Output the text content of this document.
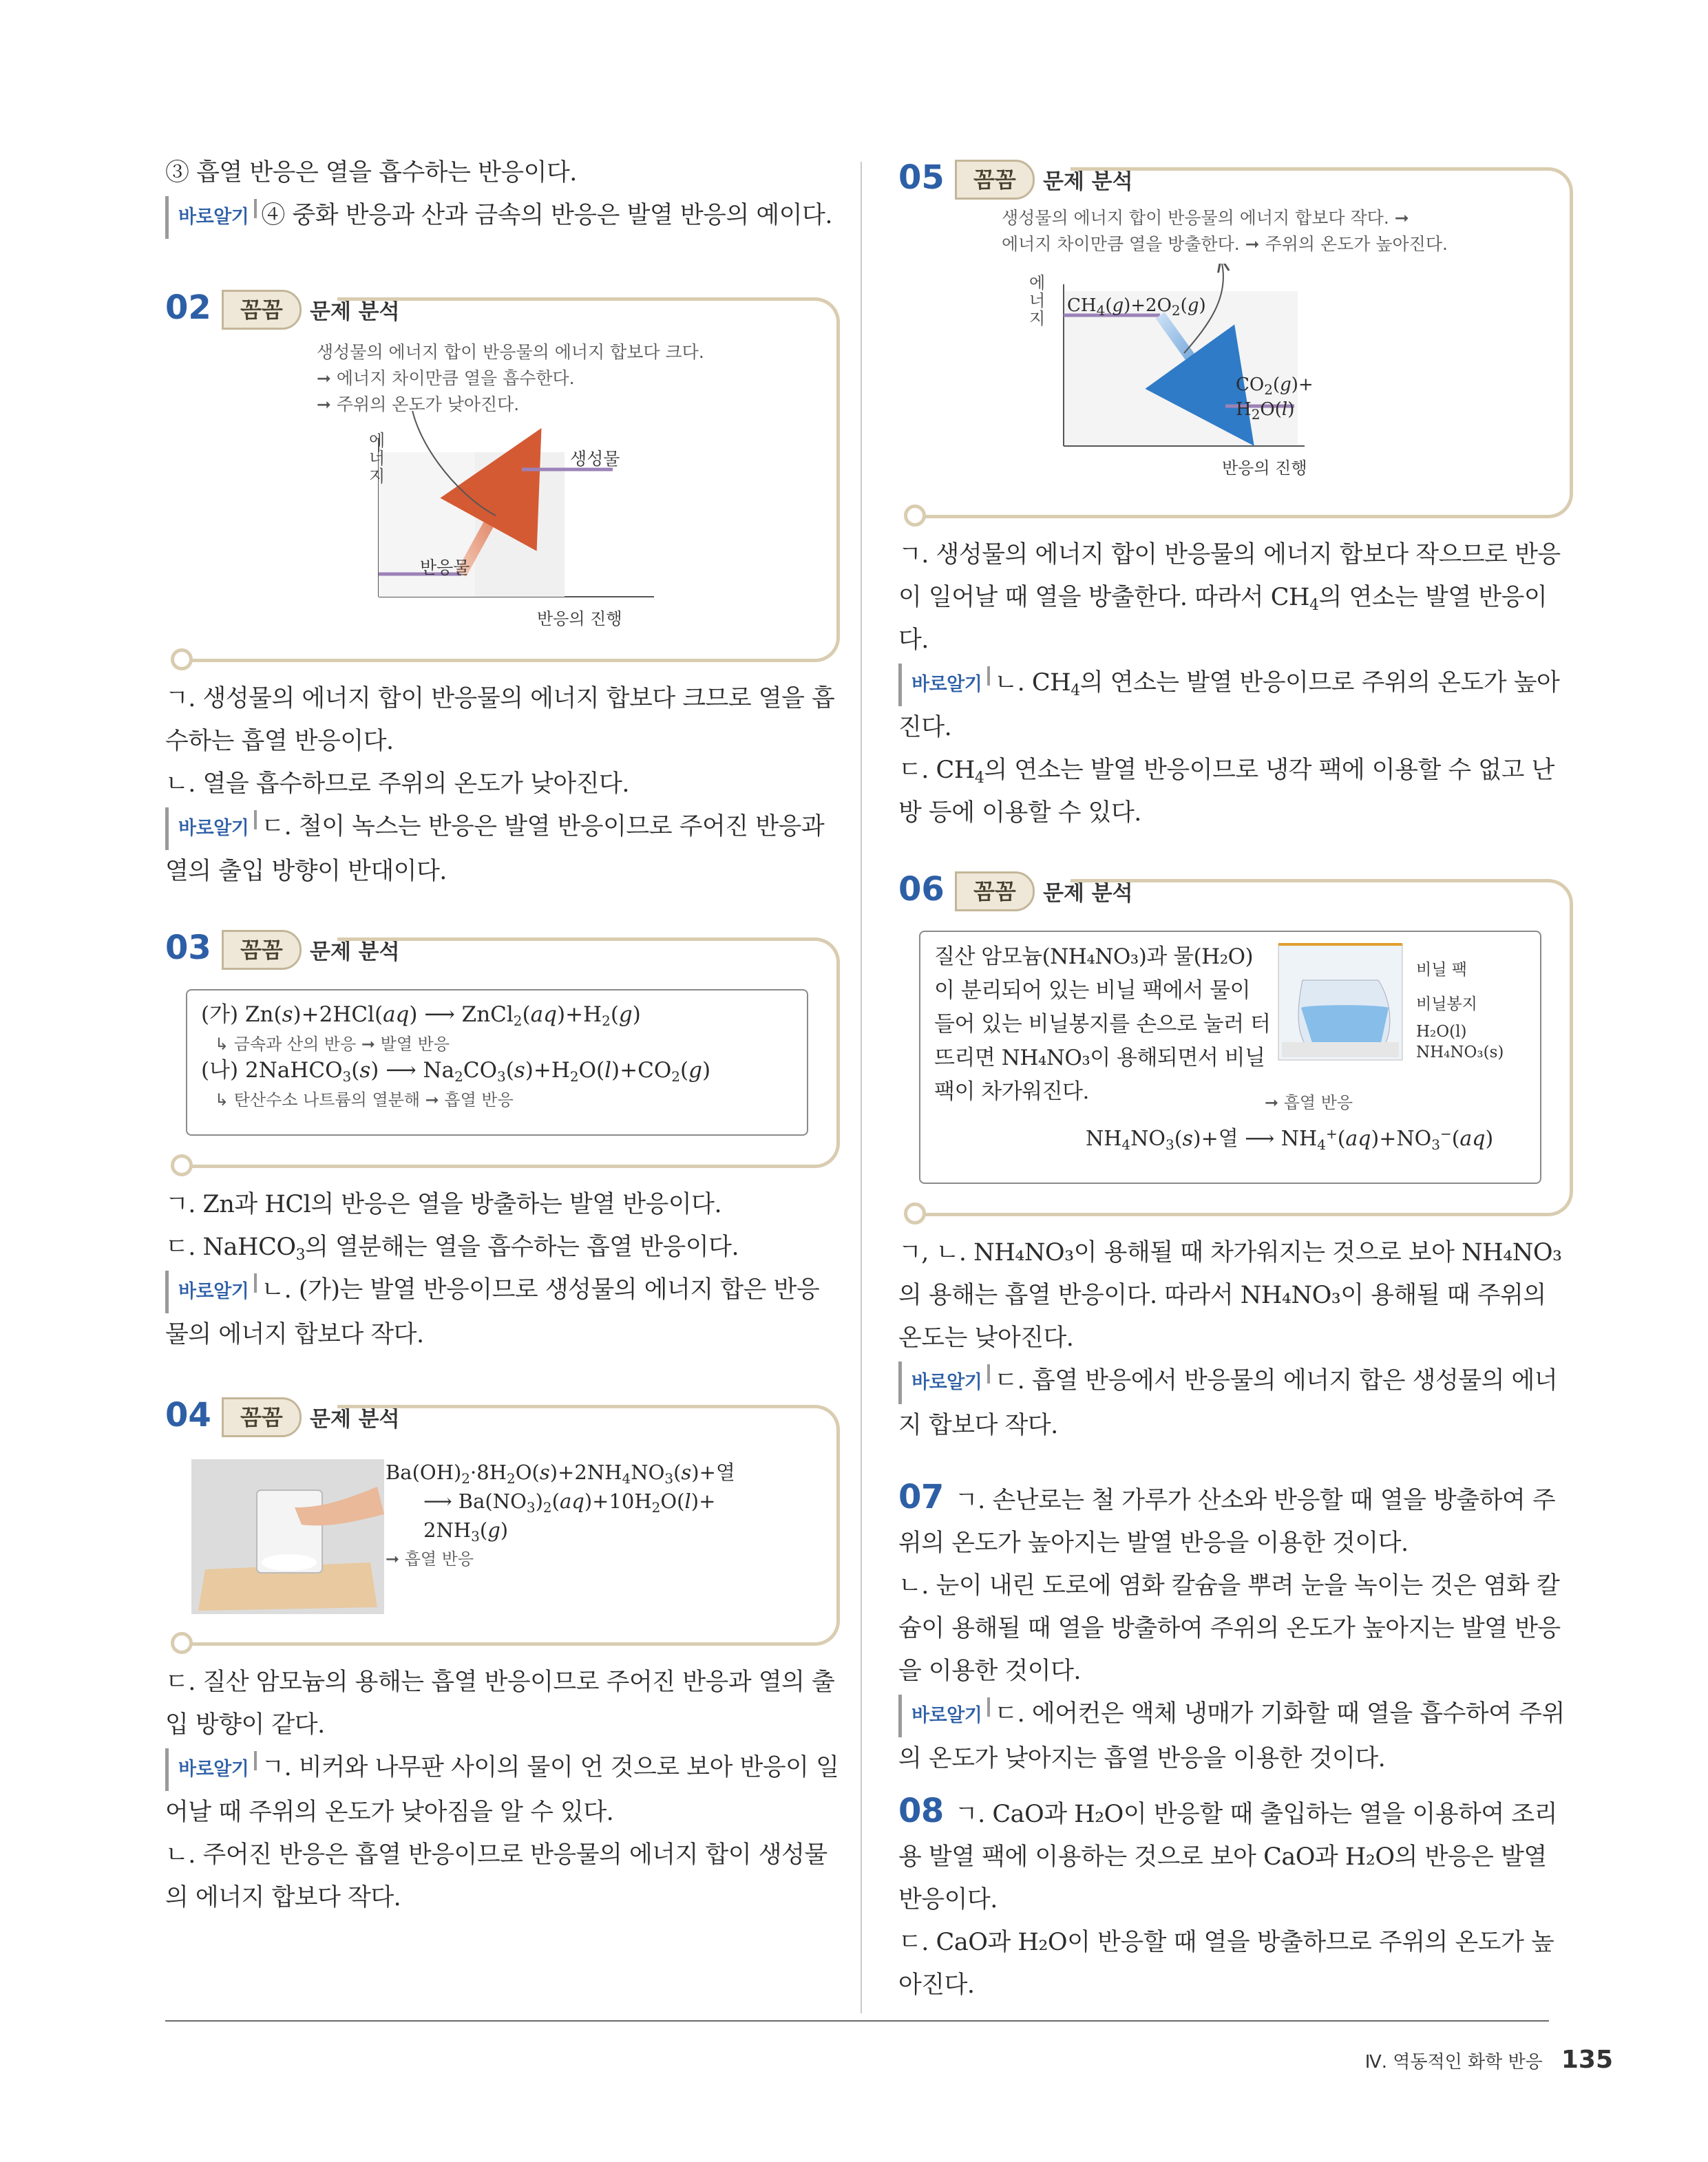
③ 흡열 반응은 열을 흡수하는 반응이다.

바로알기 ④ 중화 반응과 산과 금속의 반응은 발열 반응의 예이다.

02	꼼꼼	문제 분석
생성물의 에너지 합이 반응물의 에너지 합보다 크다.
➞ 에너지 차이만큼 열을 흡수한다.
➞ 주위의 온도가 낮아진다.
에너지
반응물
생성물
반응의 진행

ㄱ. 생성물의 에너지 합이 반응물의 에너지 합보다 크므로 열을 흡수하는 흡열 반응이다.

ㄴ. 열을 흡수하므로 주위의 온도가 낮아진다.

바로알기 ㄷ. 철이 녹스는 반응은 발열 반응이므로 주어진 반응과 열의 출입 방향이 반대이다.

03	꼼꼼	문제 분석
(가) Zn(s)+2HCl(aq) ⟶ $ZnCl_2(aq)+H_2(g)$
↳ 금속과 산의 반응 ➞ 발열 반응
(나) 2NaHCO$_3$(s) ⟶ $Na_2CO_3(s)+H_2O(l)+CO_2(g)$
↳ 탄산수소 나트륨의 열분해 ➞ 흡열 반응

ㄱ. Zn과 HCl의 반응은 열을 방출하는 발열 반응이다.

ㄷ. NaHCO$_3$의 열분해는 열을 흡수하는 흡열 반응이다.

바로알기 ㄴ. (가)는 발열 반응이므로 생성물의 에너지 합은 반응물의 에너지 합보다 작다.

04	꼼꼼	문제 분석
$Ba(OH)_2\cdot 8H_2O(s)+2NH_4NO_3(s)+$열
⟶ $Ba(NO_3)_2(aq)+10H_2O(l)+ 2NH_3(g)$
➞ 흡열 반응

ㄷ. 질산 암모늄의 용해는 흡열 반응이므로 주어진 반응과 열의 출입 방향이 같다.

바로알기 ㄱ. 비커와 나무판 사이의 물이 언 것으로 보아 반응이 일어날 때 주위의 온도가 낮아짐을 알 수 있다.

ㄴ. 주어진 반응은 흡열 반응이므로 반응물의 에너지 합이 생성물의 에너지 합보다 작다.

05	꼼꼼	문제 분석
생성물의 에너지 합이 반응물의 에너지 합보다 작다. ➞
에너지 차이만큼 열을 방출한다. ➞ 주위의 온도가 높아진다.
에너지
$CH_4(g)+2O_2(g)$
$CO_2(g)+$
$H_2O(l)$
반응의 진행

ㄱ. 생성물의 에너지 합이 반응물의 에너지 합보다 작으므로 반응이 일어날 때 열을 방출한다. 따라서 $CH_4$의 연소는 발열 반응이다.

바로알기 ㄴ. $CH_4$의 연소는 발열 반응이므로 주위의 온도가 높아진다.

ㄷ. $CH_4$의 연소는 발열 반응이므로 냉각 팩에 이용할 수 없고 난방 등에 이용할 수 있다.

06	꼼꼼	문제 분석
질산 암모늄(NH₄NO₃)과 물(H₂O)이 분리되어 있는 비닐 팩에서 물이 들어 있는 비닐봉지를 손으로 눌러 터뜨리면 NH₄NO₃이 용해되면서 비닐 팩이 차가워진다.	➞ 흡열 반응
비닐 팩
비닐봉지
H₂O(l)
NH₄NO₃(s)
$NH_4NO_3(s)+$열 ⟶ $NH_4^+(aq)+NO_3^-(aq)$

ㄱ, ㄴ. NH₄NO₃이 용해될 때 차가워지는 것으로 보아 NH₄NO₃의 용해는 흡열 반응이다. 따라서 NH₄NO₃이 용해될 때 주위의 온도는 낮아진다.

바로알기 ㄷ. 흡열 반응에서 반응물의 에너지 합은 생성물의 에너지 합보다 작다.

07 ㄱ. 손난로는 철 가루가 산소와 반응할 때 열을 방출하여 주위의 온도가 높아지는 발열 반응을 이용한 것이다.

ㄴ. 눈이 내린 도로에 염화 칼슘을 뿌려 눈을 녹이는 것은 염화 칼슘이 용해될 때 열을 방출하여 주위의 온도가 높아지는 발열 반응을 이용한 것이다.

바로알기 ㄷ. 에어컨은 액체 냉매가 기화할 때 열을 흡수하여 주위의 온도가 낮아지는 흡열 반응을 이용한 것이다.

08 ㄱ. CaO과 H₂O이 반응할 때 출입하는 열을 이용하여 조리용 발열 팩에 이용하는 것으로 보아 CaO과 H₂O의 반응은 발열 반응이다.

ㄷ. CaO과 H₂O이 반응할 때 열을 방출하므로 주위의 온도가 높아진다.

Ⅳ. 역동적인 화학 반응 135
